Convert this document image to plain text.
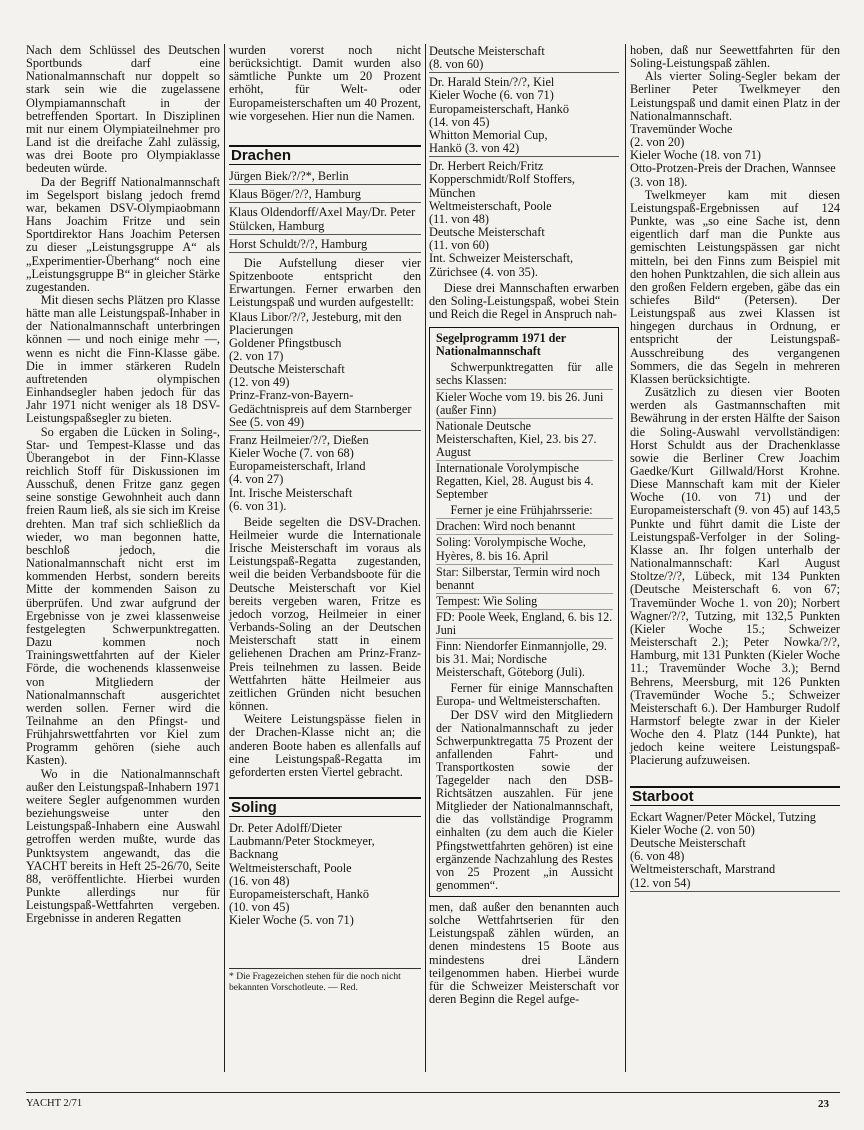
Nach dem Schlüssel des Deutschen Sportbunds darf eine Nationalmannschaft nur doppelt so stark sein wie die zugelassene Olympiamannschaft in der betreffenden Sportart. In Disziplinen mit nur einem Olympiateilnehmer pro Land ist die dreifache Zahl zulässig, was drei Boote pro Olympiaklasse bedeuten würde.

Da der Begriff Nationalmannschaft im Segelsport bislang jedoch fremd war, bekamen DSV-Olympiaobmann Hans Joachim Fritze und sein Sportdirektor Hans Joachim Petersen zu dieser „Leistungsgruppe A“ als „Experimentier-Überhang“ noch eine „Leistungsgruppe B“ in gleicher Stärke zugestanden.

Mit diesen sechs Plätzen pro Klasse hätte man alle Leistungspaß-Inhaber in der Nationalmannschaft unterbringen können — und noch einige mehr —, wenn es nicht die Finn-Klasse gäbe. Die in immer stärkeren Rudeln auftretenden olympischen Einhandsegler haben jedoch für das Jahr 1971 nicht weniger als 18 DSV-Leistungspaßsegler zu bieten.

So ergaben die Lücken in Soling-, Star- und Tempest-Klasse und das Überangebot in der Finn-Klasse reichlich Stoff für Diskussionen im Ausschuß, denen Fritze ganz gegen seine sonstige Gewohnheit auch dann freien Raum ließ, als sie sich im Kreise drehten. Man traf sich schließlich da wieder, wo man begonnen hatte, beschloß jedoch, die Nationalmannschaft nicht erst im kommenden Herbst, sondern bereits Mitte der kommenden Saison zu überprüfen. Und zwar aufgrund der Ergebnisse von je zwei klassenweise festgelegten Schwerpunktregatten. Dazu kommen noch Trainingswettfahrten auf der Kieler Förde, die wochenends klassenweise von Mitgliedern der Nationalmannschaft ausgerichtet werden sollen. Ferner wird die Teilnahme an den Pfingst- und Frühjahrswettfahrten vor Kiel zum Programm gehören (siehe auch Kasten).

Wo in die Nationalmannschaft außer den Leistungspaß-Inhabern 1971 weitere Segler aufgenommen wurden beziehungsweise unter den Leistungspaß-Inhabern eine Auswahl getroffen werden mußte, wurde das Punktsystem angewandt, das die YACHT bereits in Heft 25-26/70, Seite 88, veröffentlichte. Hierbei wurden Punkte allerdings nur für Leistungspaß-Wettfahrten vergeben. Ergebnisse in anderen Regatten

wurden vorerst noch nicht berücksichtigt. Damit wurden also sämtliche Punkte um 20 Prozent erhöht, für Welt- oder Europameisterschaften um 40 Prozent, wie vorgesehen. Hier nun die Namen.

Drachen
Jürgen Biek/?/?*, Berlin
Klaus Böger/?/?, Hamburg
Klaus Oldendorff/Axel May/Dr. Peter Stülcken, Hamburg
Horst Schuldt/?/?, Hamburg

Die Aufstellung dieser vier Spitzenboote entspricht den Erwartungen. Ferner erwarben den Leistungspaß und wurden aufgestellt:

Klaus Libor/?/?, Jesteburg, mit den Placierungen
Goldener Pfingstbusch
(2. von 17)
Deutsche Meisterschaft
(12. von 49)
Prinz-Franz-von-Bayern-Gedächtnispreis auf dem Starnberger See (5. von 49)
Franz Heilmeier/?/?, Dießen
Kieler Woche (7. von 68)
Europameisterschaft, Irland
(4. von 27)
Int. Irische Meisterschaft
(6. von 31).

Beide segelten die DSV-Drachen. Heilmeier wurde die Internationale Irische Meisterschaft im voraus als Leistungspaß-Regatta zugestanden, weil die beiden Verbandsboote für die Deutsche Meisterschaft vor Kiel bereits vergeben waren, Fritze es jedoch vorzog, Heilmeier in einer Verbands-Soling an der Deutschen Meisterschaft statt in einem geliehenen Drachen am Prinz-Franz-Preis teilnehmen zu lassen. Beide Wettfahrten hätte Heilmeier aus zeitlichen Gründen nicht besuchen können.

Weitere Leistungspässe fielen in der Drachen-Klasse nicht an; die anderen Boote haben es allenfalls auf eine Leistungspaß-Regatta im geforderten ersten Viertel gebracht.

Soling
Dr. Peter Adolff/Dieter Laubmann/Peter Stockmeyer, Backnang
Weltmeisterschaft, Poole
(16. von 48)
Europameisterschaft, Hankö
(10. von 45)
Kieler Woche (5. von 71)
* Die Fragezeichen stehen für die noch nicht bekannten Vorschotleute. — Red.
Deutsche Meisterschaft
(8. von 60)
Dr. Harald Stein/?/?, Kiel
Kieler Woche (6. von 71)
Europameisterschaft, Hankö
(14. von 45)
Whitton Memorial Cup,
Hankö (3. von 42)
Dr. Herbert Reich/Fritz Kopperschmidt/Rolf Stoffers, München
Weltmeisterschaft, Poole
(11. von 48)
Deutsche Meisterschaft
(11. von 60)
Int. Schweizer Meisterschaft, Zürichsee (4. von 35).

Diese drei Mannschaften erwarben den Soling-Leistungspaß, wobei Stein und Reich die Regel in Anspruch nah-

Segelprogramm 1971 der Nationalmannschaft

Schwerpunktregatten für alle sechs Klassen:

Kieler Woche vom 19. bis 26. Juni (außer Finn)
Nationale Deutsche Meisterschaften, Kiel, 23. bis 27. August
Internationale Vorolympische Regatten, Kiel, 28. August bis 4. September

Ferner je eine Frühjahrsserie:

Drachen: Wird noch benannt
Soling: Vorolympische Woche, Hyères, 8. bis 16. April
Star: Silberstar, Termin wird noch benannt
Tempest: Wie Soling
FD: Poole Week, England, 6. bis 12. Juni
Finn: Niendorfer Einmannjolle, 29. bis 31. Mai; Nordische Meisterschaft, Göteborg (Juli).

Ferner für einige Mannschaften Europa- und Weltmeisterschaften.

Der DSV wird den Mitgliedern der Nationalmannschaft zu jeder Schwerpunktregatta 75 Prozent der anfallenden Fahrt- und Transportkosten sowie der Tagegelder nach den DSB-Richtsätzen auszahlen. Für jene Mitglieder der Nationalmannschaft, die das vollständige Programm einhalten (zu dem auch die Kieler Pfingstwettfahrten gehören) ist eine ergänzende Nachzahlung des Restes von 25 Prozent „in Aussicht genommen“.

men, daß außer den benannten auch solche Wettfahrtserien für den Leistungspaß zählen würden, an denen mindestens 15 Boote aus mindestens drei Ländern teilgenommen haben. Hierbei wurde für die Schweizer Meisterschaft vor deren Beginn die Regel aufge-

hoben, daß nur Seewettfahrten für den Soling-Leistungspaß zählen.

Als vierter Soling-Segler bekam der Berliner Peter Twelkmeyer den Leistungspaß und damit einen Platz in der Nationalmannschaft.

Travemünder Woche
(2. von 20)
Kieler Woche (18. von 71)
Otto-Protzen-Preis der Drachen, Wannsee (3. von 18).

Twelkmeyer kam mit diesen Leistungspaß-Ergebnissen auf 124 Punkte, was „so eine Sache ist, denn eigentlich darf man die Punkte aus gemischten Leistungspässen gar nicht mitteln, bei den Finns zum Beispiel mit den hohen Punktzahlen, die sich allein aus den großen Feldern ergeben, gäbe das ein schiefes Bild“ (Petersen). Der Leistungspaß aus zwei Klassen ist hingegen durchaus in Ordnung, er entspricht der Leistungspaß-Ausschreibung des vergangenen Sommers, die das Segeln in mehreren Klassen berücksichtigte.

Zusätzlich zu diesen vier Booten werden als Gastmannschaften mit Bewährung in der ersten Hälfte der Saison die Soling-Auswahl vervollständigen: Horst Schuldt aus der Drachenklasse sowie die Berliner Crew Joachim Gaedke/Kurt Gillwald/Horst Krohne. Diese Mannschaft kam mit der Kieler Woche (10. von 71) und der Europameisterschaft (9. von 45) auf 143,5 Punkte und führt damit die Liste der Leistungspaß-Verfolger in der Soling-Klasse an. Ihr folgen unterhalb der Nationalmannschaft: Karl August Stoltze/?/?, Lübeck, mit 134 Punkten (Deutsche Meisterschaft 6. von 67; Travemünder Woche 1. von 20); Norbert Wagner/?/?, Tutzing, mit 132,5 Punkten (Kieler Woche 15.; Schweizer Meisterschaft 2.); Peter Nowka/?/?, Hamburg, mit 131 Punkten (Kieler Woche 11.; Travemünder Woche 3.); Bernd Behrens, Meersburg, mit 126 Punkten (Travemünder Woche 5.; Schweizer Meisterschaft 6.). Der Hamburger Rudolf Harmstorf belegte zwar in der Kieler Woche den 4. Platz (144 Punkte), hat jedoch keine weitere Leistungspaß-Placierung aufzuweisen.

Starboot
Eckart Wagner/Peter Möckel, Tutzing
Kieler Woche (2. von 50)
Deutsche Meisterschaft
(6. von 48)
Weltmeisterschaft, Marstrand
(12. von 54)
YACHT 2/71	23
